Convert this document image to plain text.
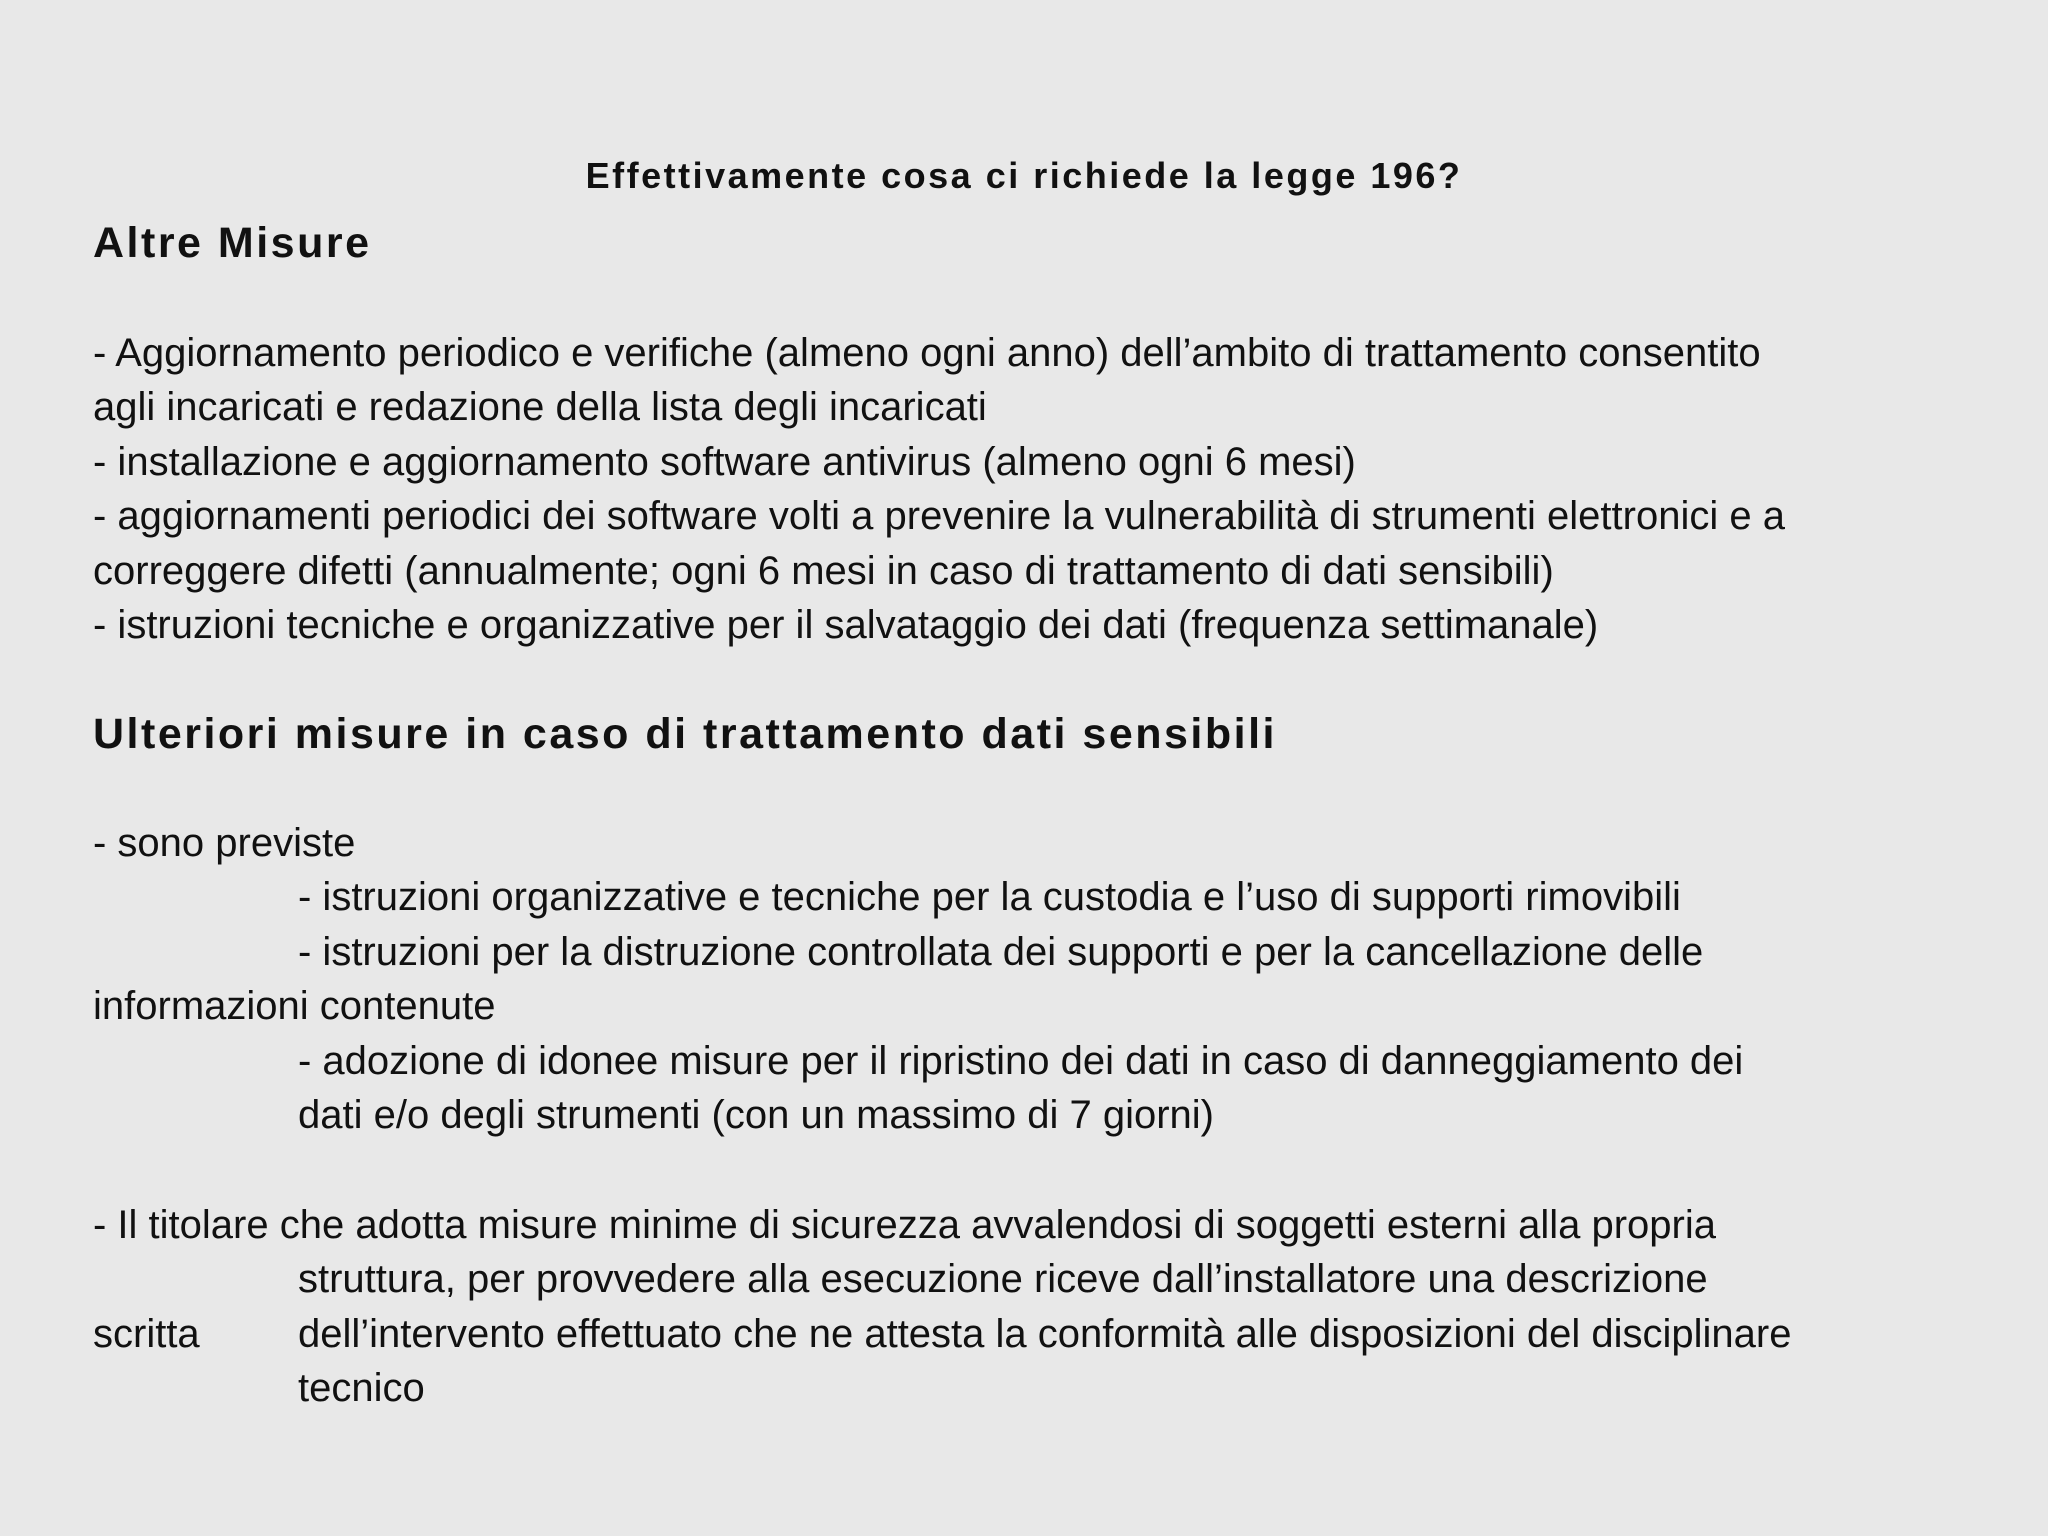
Effettivamente cosa ci richiede la legge 196?
Altre Misure
- Aggiornamento periodico e verifiche (almeno ogni anno) dell’ambito di trattamento consentito
agli incaricati e redazione della lista degli incaricati
- installazione e aggiornamento software antivirus (almeno ogni 6 mesi)
- aggiornamenti periodici dei software volti a prevenire la vulnerabilità di strumenti elettronici e a
correggere difetti (annualmente; ogni 6 mesi in caso di trattamento di dati sensibili)
- istruzioni tecniche e organizzative per il salvataggio dei dati (frequenza settimanale)
Ulteriori misure in caso di trattamento dati sensibili
- sono previste
- istruzioni organizzative e tecniche per la custodia e l’uso di supporti rimovibili
- istruzioni per la distruzione controllata dei supporti e per la cancellazione delle
informazioni contenute
- adozione di idonee misure per il ripristino dei dati in caso di danneggiamento dei
dati e/o degli strumenti (con un massimo di 7 giorni)
- Il titolare che adotta misure minime di sicurezza avvalendosi di soggetti esterni alla propria
struttura, per provvedere alla esecuzione riceve dall’installatore una descrizione
scritta dell’intervento effettuato che ne attesta la conformità alle disposizioni del disciplinare
tecnico
